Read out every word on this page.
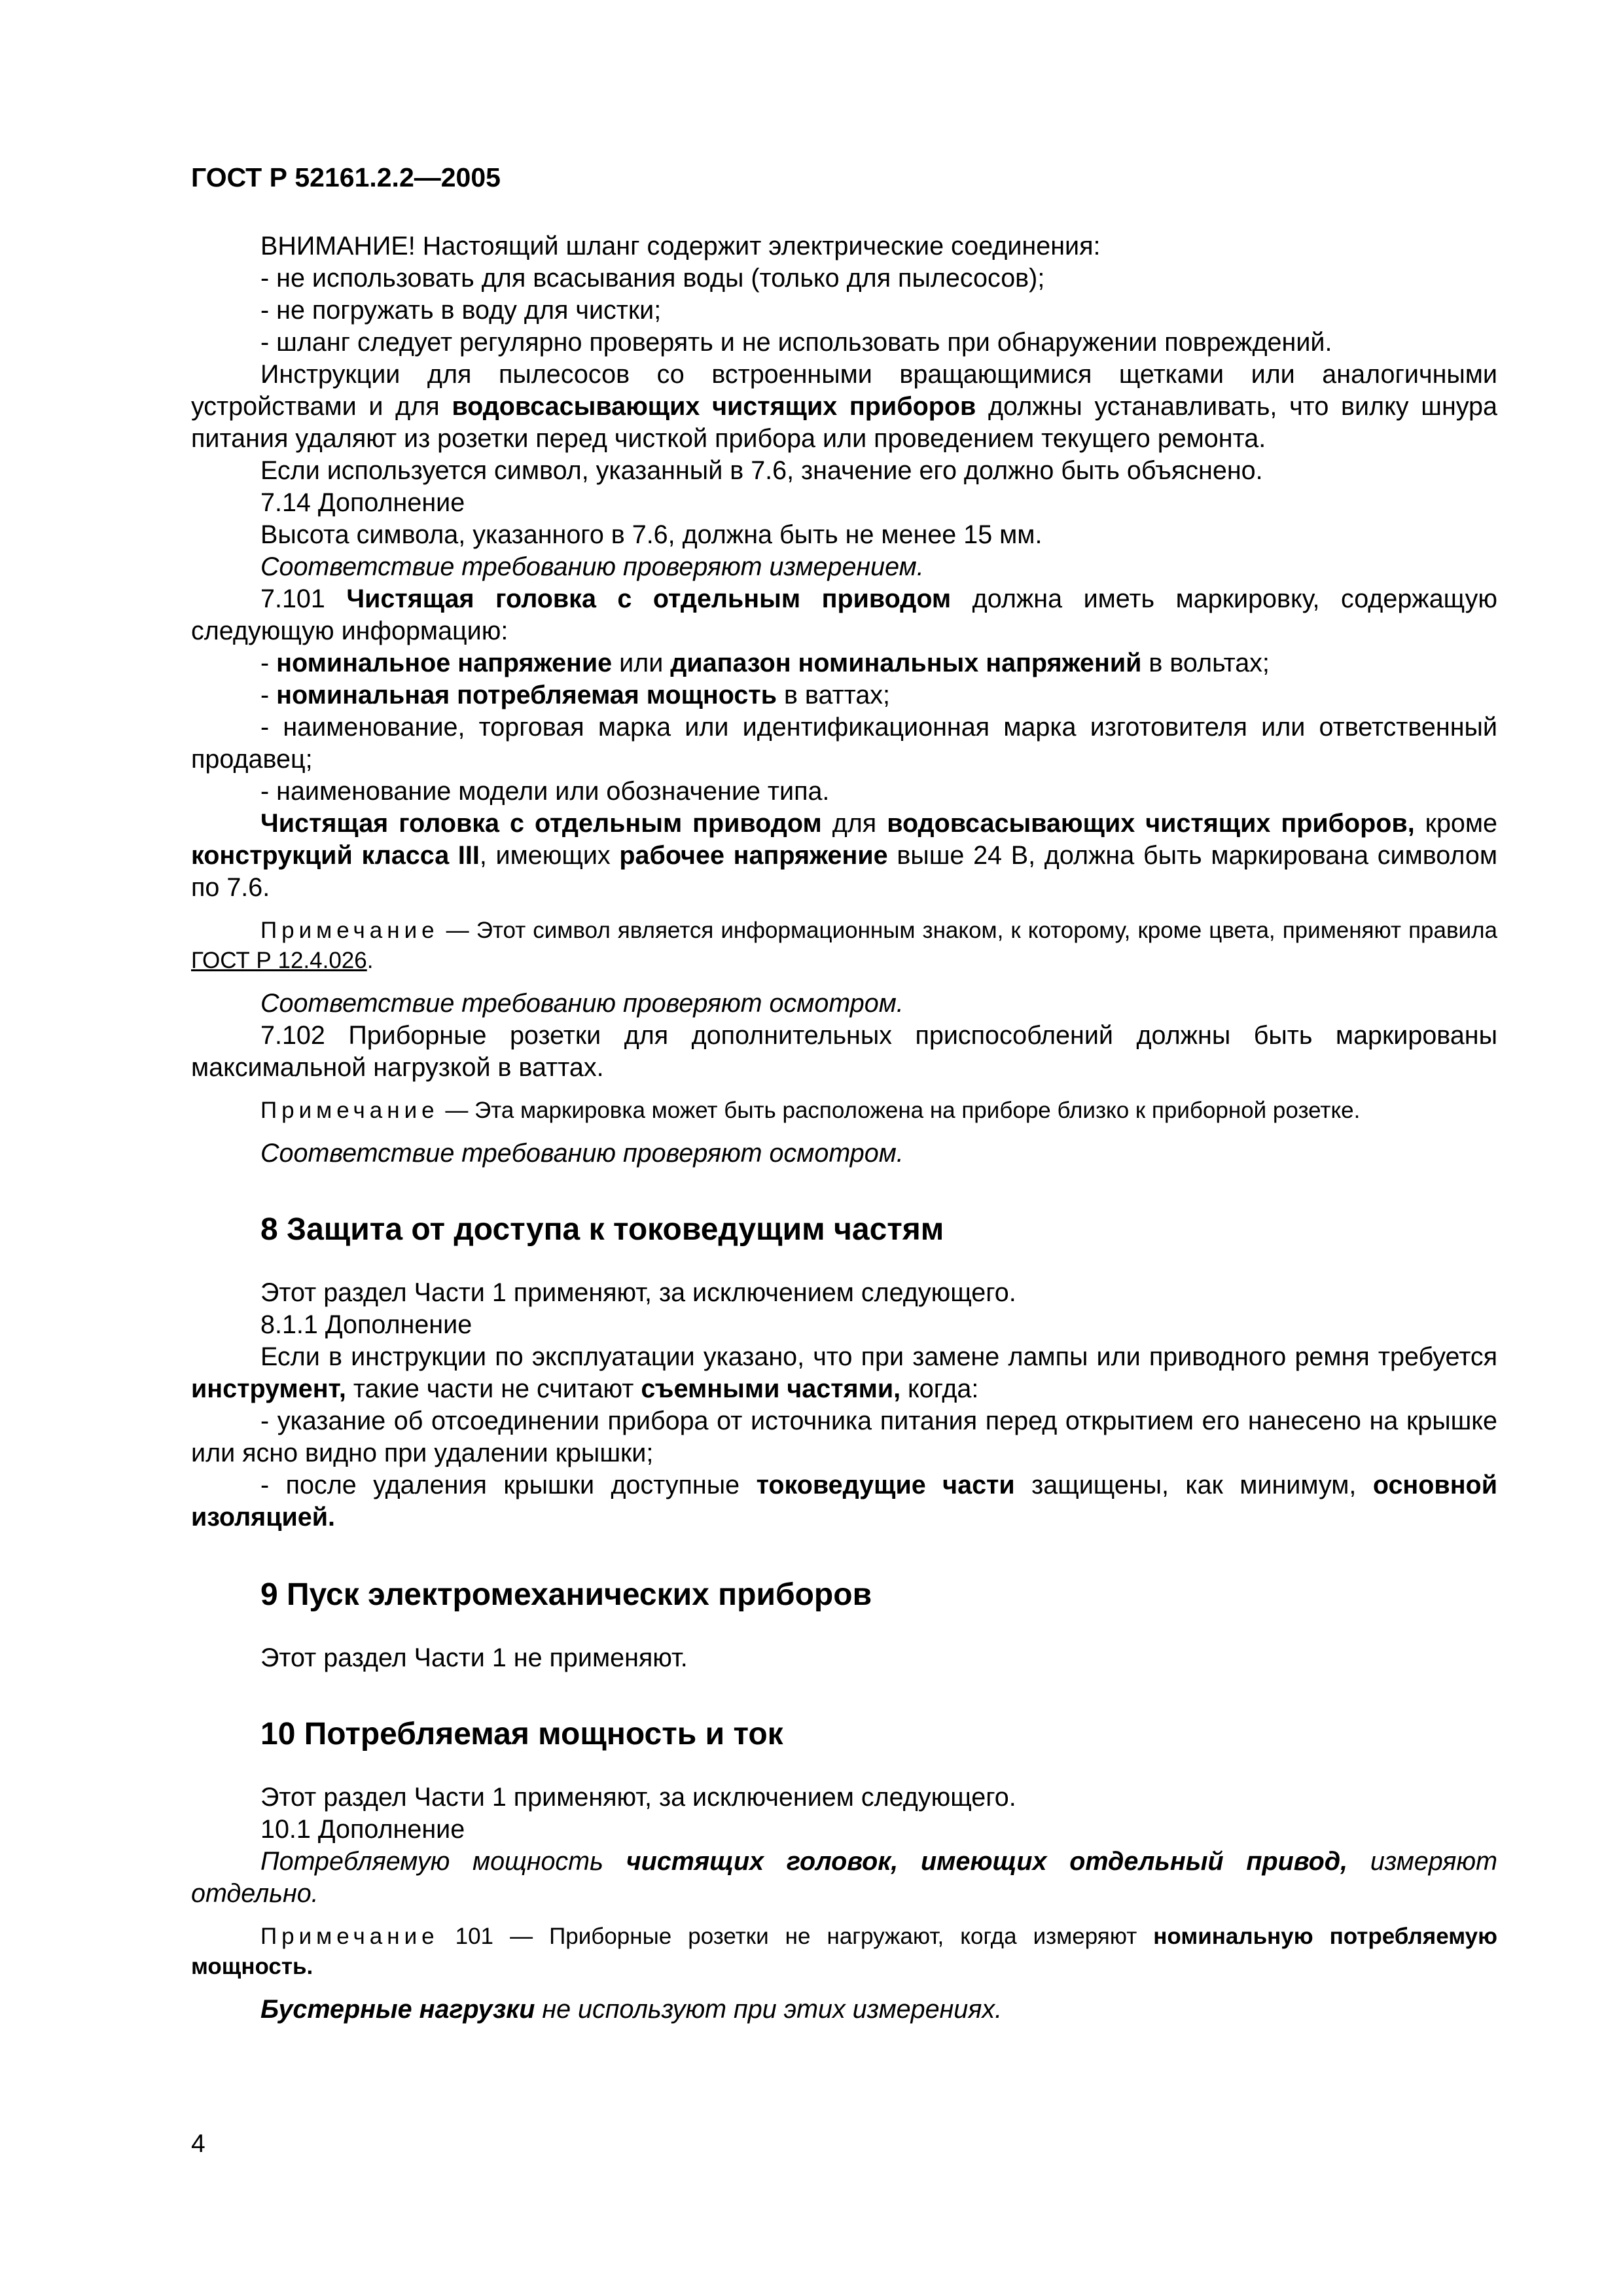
ГОСТ Р 52161.2.2—2005

ВНИМАНИЕ! Настоящий шланг содержит электрические соединения:

- не использовать для всасывания воды (только для пылесосов);

- не погружать в воду для чистки;

- шланг следует регулярно проверять и не использовать при обнаружении повреждений.

Инструкции для пылесосов со встроенными вращающимися щетками или аналогичными устройствами и для водовсасывающих чистящих приборов должны устанавливать, что вилку шнура питания удаляют из розетки перед чисткой прибора или проведением текущего ремонта.

Если используется символ, указанный в 7.6, значение его должно быть объяснено.

7.14 Дополнение

Высота символа, указанного в 7.6, должна быть не менее 15 мм.

Соответствие требованию проверяют измерением.

7.101 Чистящая головка с отдельным приводом должна иметь маркировку, содержащую следующую информацию:

- номинальное напряжение или диапазон номинальных напряжений в вольтах;

- номинальная потребляемая мощность в ваттах;

- наименование, торговая марка или идентификационная марка изготовителя или ответственный продавец;

- наименование модели или обозначение типа.

Чистящая головка с отдельным приводом для водовсасывающих чистящих приборов, кроме конструкций класса III, имеющих рабочее напряжение выше 24 В, должна быть маркирована символом по 7.6.

Примечание — Этот символ является информационным знаком, к которому, кроме цвета, применяют правила ГОСТ Р 12.4.026.

Соответствие требованию проверяют осмотром.

7.102 Приборные розетки для дополнительных приспособлений должны быть маркированы максимальной нагрузкой в ваттах.

Примечание — Эта маркировка может быть расположена на приборе близко к приборной розетке.

Соответствие требованию проверяют осмотром.

8 Защита от доступа к токоведущим частям

Этот раздел Части 1 применяют, за исключением следующего.

8.1.1 Дополнение

Если в инструкции по эксплуатации указано, что при замене лампы или приводного ремня требуется инструмент, такие части не считают съемными частями, когда:

- указание об отсоединении прибора от источника питания перед открытием его нанесено на крышке или ясно видно при удалении крышки;

- после удаления крышки доступные токоведущие части защищены, как минимум, основной изоляцией.

9 Пуск электромеханических приборов

Этот раздел Части 1 не применяют.

10 Потребляемая мощность и ток

Этот раздел Части 1 применяют, за исключением следующего.

10.1 Дополнение

Потребляемую мощность чистящих головок, имеющих отдельный привод, измеряют отдельно.

Примечание 101 — Приборные розетки не нагружают, когда измеряют номинальную потребляемую мощность.

Бустерные нагрузки не используют при этих измерениях.

4
